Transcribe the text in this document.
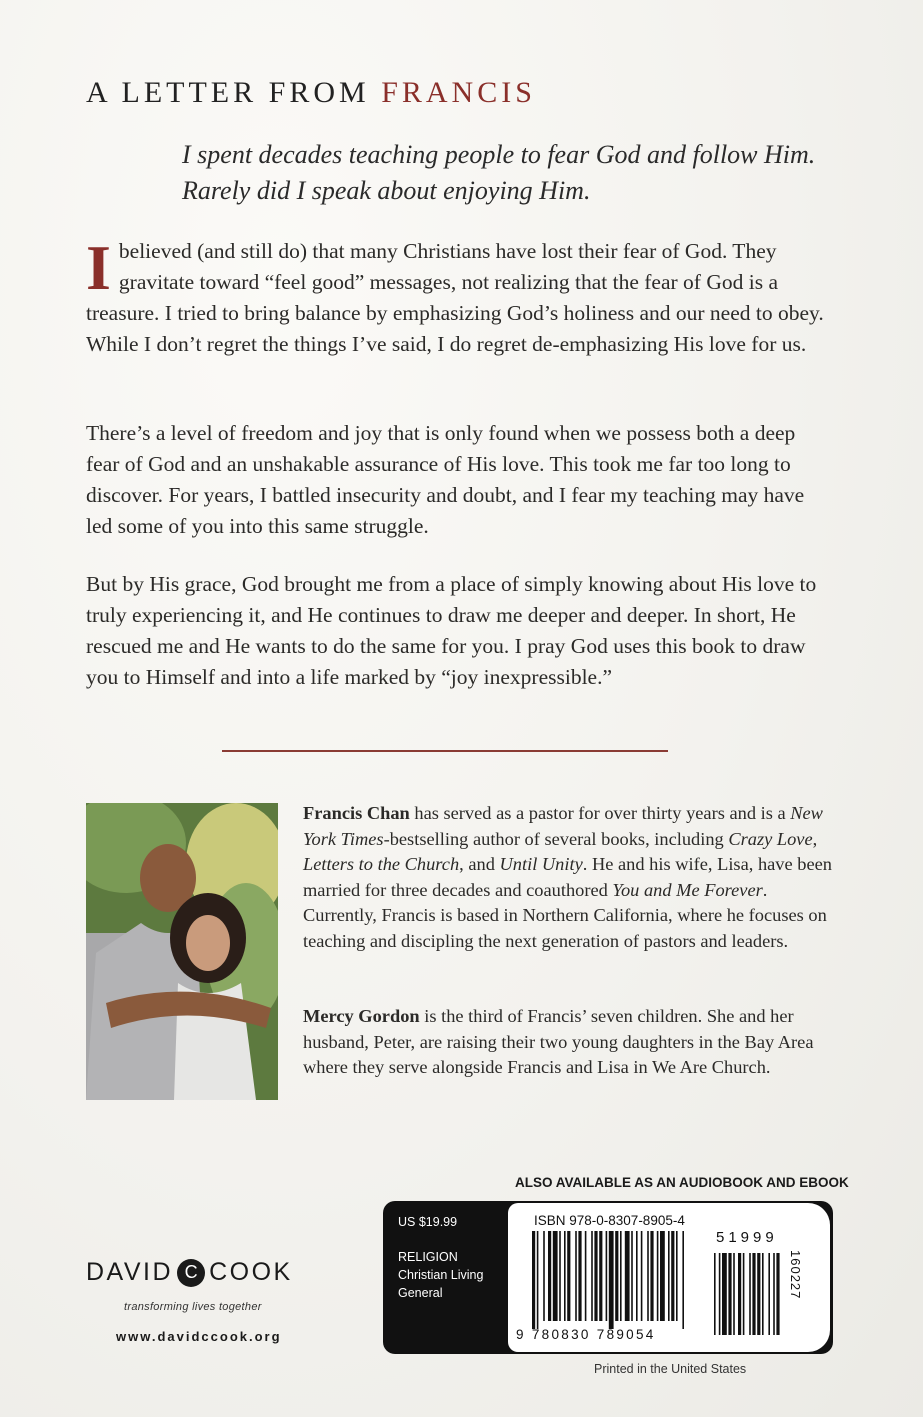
A LETTER FROM FRANCIS
I spent decades teaching people to fear God and follow Him. Rarely did I speak about enjoying Him.
I believed (and still do) that many Christians have lost their fear of God. They gravitate toward “feel good” messages, not realizing that the fear of God is a treasure. I tried to bring balance by emphasizing God’s holiness and our need to obey. While I don’t regret the things I’ve said, I do regret de-emphasizing His love for us.
There’s a level of freedom and joy that is only found when we possess both a deep fear of God and an unshakable assurance of His love. This took me far too long to discover. For years, I battled insecurity and doubt, and I fear my teaching may have led some of you into this same struggle.
But by His grace, God brought me from a place of simply knowing about His love to truly experiencing it, and He continues to draw me deeper and deeper. In short, He rescued me and He wants to do the same for you. I pray God uses this book to draw you to Himself and into a life marked by “joy inexpressible.”
Francis Chan has served as a pastor for over thirty years and is a New York Times-bestselling author of several books, including Crazy Love, Letters to the Church, and Until Unity. He and his wife, Lisa, have been married for three decades and coauthored You and Me Forever. Currently, Francis is based in Northern California, where he focuses on teaching and discipling the next generation of pastors and leaders.
Mercy Gordon is the third of Francis’ seven children. She and her husband, Peter, are raising their two young daughters in the Bay Area where they serve alongside Francis and Lisa in We Are Church.
ALSO AVAILABLE AS AN AUDIOBOOK AND EBOOK
US $19.99
RELIGION
Christian Living
General
ISBN 978-0-8307-8905-4
51999
160227
9 780830 789054
Printed in the United States
DAVID C COOK
transforming lives together
www.davidccook.org
